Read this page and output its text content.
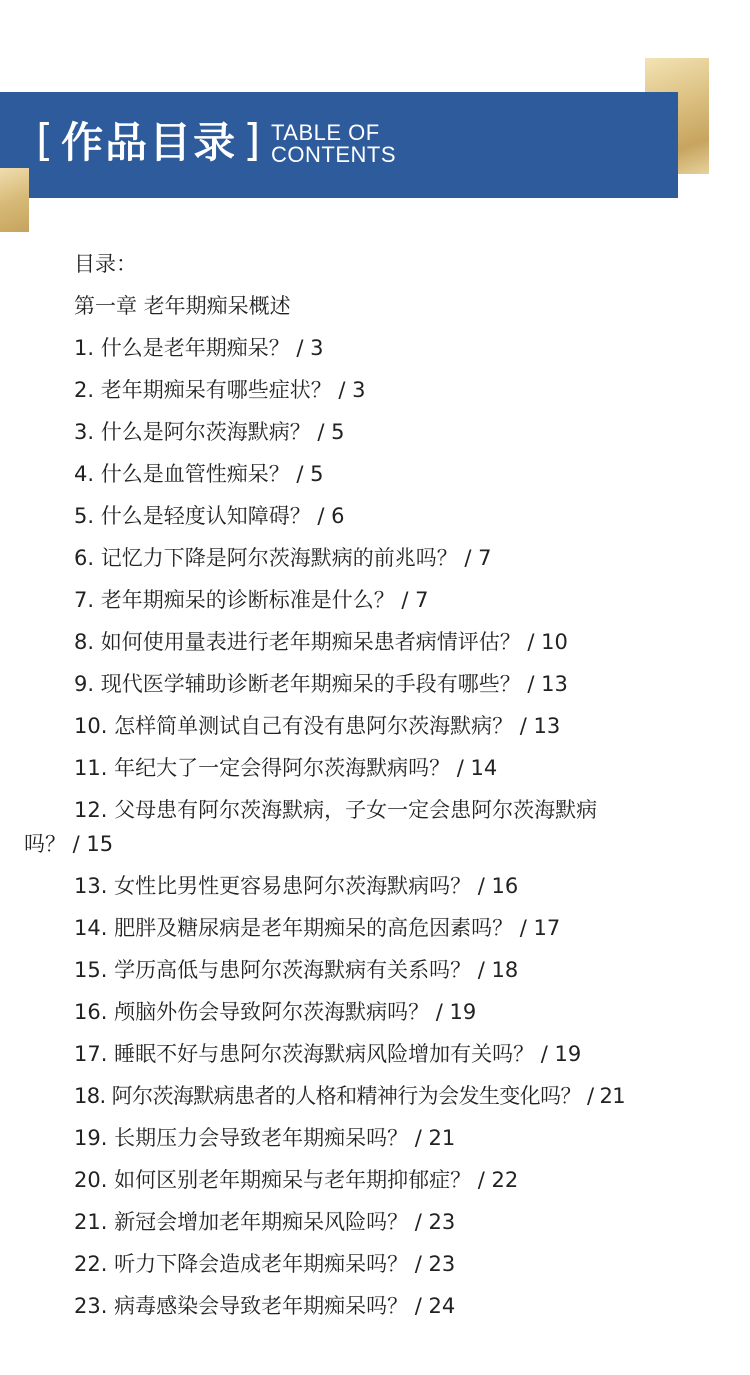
[ 作品目录 ] TABLE OF
CONTENTS
目录：
第一章 老年期痴呆概述
1. 什么是老年期痴呆？ / 3
2. 老年期痴呆有哪些症状？ / 3
3. 什么是阿尔茨海默病？ / 5
4. 什么是血管性痴呆？ / 5
5. 什么是轻度认知障碍？ / 6
6. 记忆力下降是阿尔茨海默病的前兆吗？ / 7
7. 老年期痴呆的诊断标准是什么？ / 7
8. 如何使用量表进行老年期痴呆患者病情评估？ / 10
9. 现代医学辅助诊断老年期痴呆的手段有哪些？ / 13
10. 怎样简单测试自己有没有患阿尔茨海默病？ / 13
11. 年纪大了一定会得阿尔茨海默病吗？ / 14
12. 父母患有阿尔茨海默病，子女一定会患阿尔茨海默病
吗？ / 15
13. 女性比男性更容易患阿尔茨海默病吗？ / 16
14. 肥胖及糖尿病是老年期痴呆的高危因素吗？ / 17
15. 学历高低与患阿尔茨海默病有关系吗？ / 18
16. 颅脑外伤会导致阿尔茨海默病吗？ / 19
17. 睡眠不好与患阿尔茨海默病风险增加有关吗？ / 19
18. 阿尔茨海默病患者的人格和精神行为会发生变化吗？ / 21
19. 长期压力会导致老年期痴呆吗？ / 21
20. 如何区别老年期痴呆与老年期抑郁症？ / 22
21. 新冠会增加老年期痴呆风险吗？ / 23
22. 听力下降会造成老年期痴呆吗？ / 23
23. 病毒感染会导致老年期痴呆吗？ / 24
